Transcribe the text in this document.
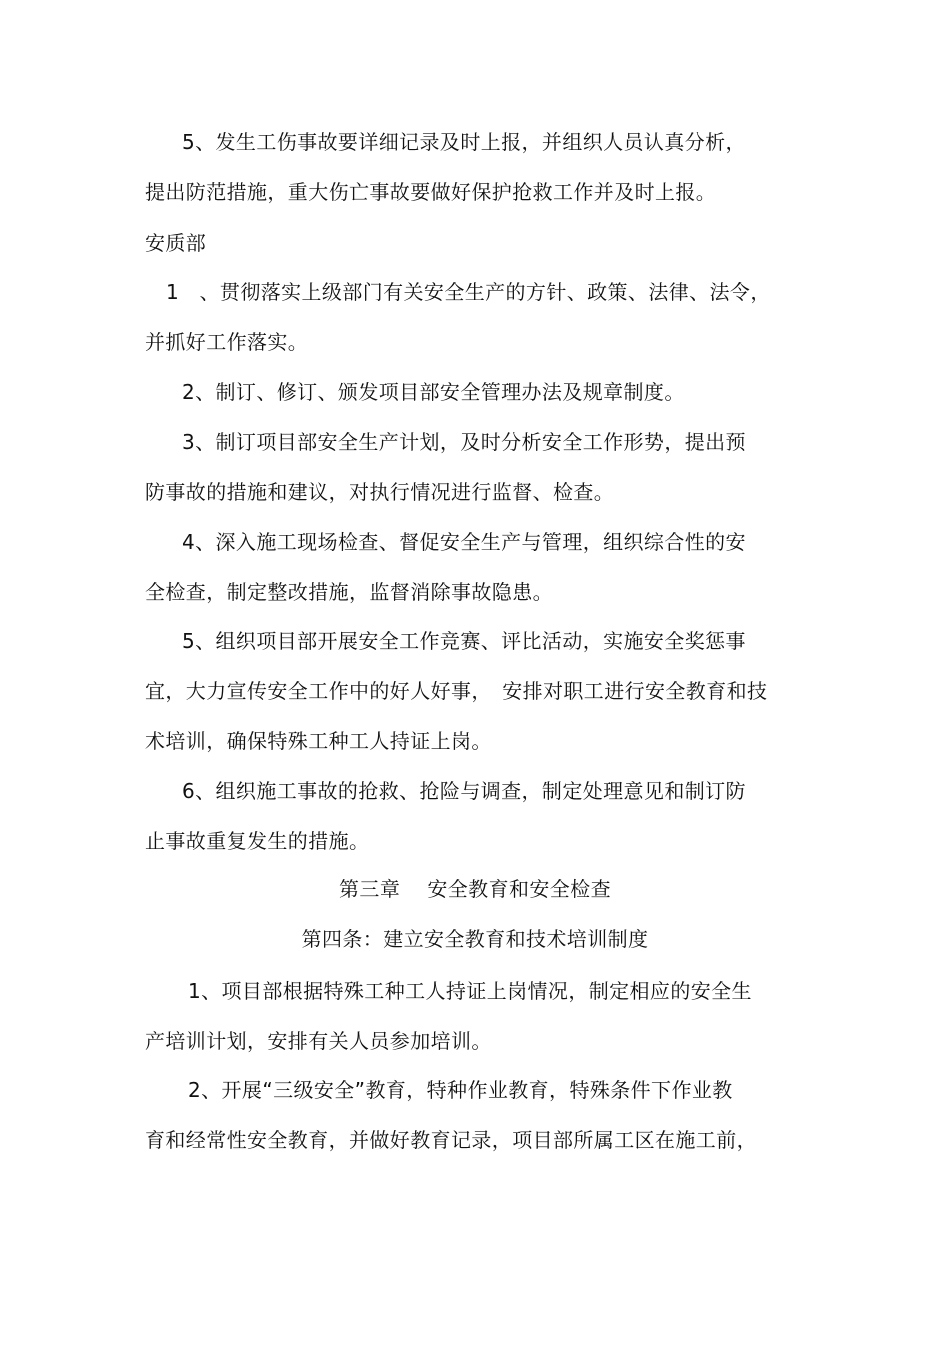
5、发生工伤事故要详细记录及时上报，并组织人员认真分析，
提出防范措施，重大伤亡事故要做好保护抢救工作并及时上报。
安质部
1　、贯彻落实上级部门有关安全生产的方针、政策、法律、法令，
并抓好工作落实。
2、制订、修订、颁发项目部安全管理办法及规章制度。
3、制订项目部安全生产计划，及时分析安全工作形势，提出预
防事故的措施和建议，对执行情况进行监督、检查。
4、深入施工现场检查、督促安全生产与管理，组织综合性的安
全检查，制定整改措施，监督消除事故隐患。
5、组织项目部开展安全工作竞赛、评比活动，实施安全奖惩事
宜，大力宣传安全工作中的好人好事，　安排对职工进行安全教育和技
术培训，确保特殊工种工人持证上岗。
6、组织施工事故的抢救、抢险与调查，制定处理意见和制订防
止事故重复发生的措施。
第三章　 安全教育和安全检查
第四条：建立安全教育和技术培训制度
1、项目部根据特殊工种工人持证上岗情况，制定相应的安全生
产培训计划，安排有关人员参加培训。
2、开展“三级安全”教育，特种作业教育，特殊条件下作业教
育和经常性安全教育，并做好教育记录，项目部所属工区在施工前，
